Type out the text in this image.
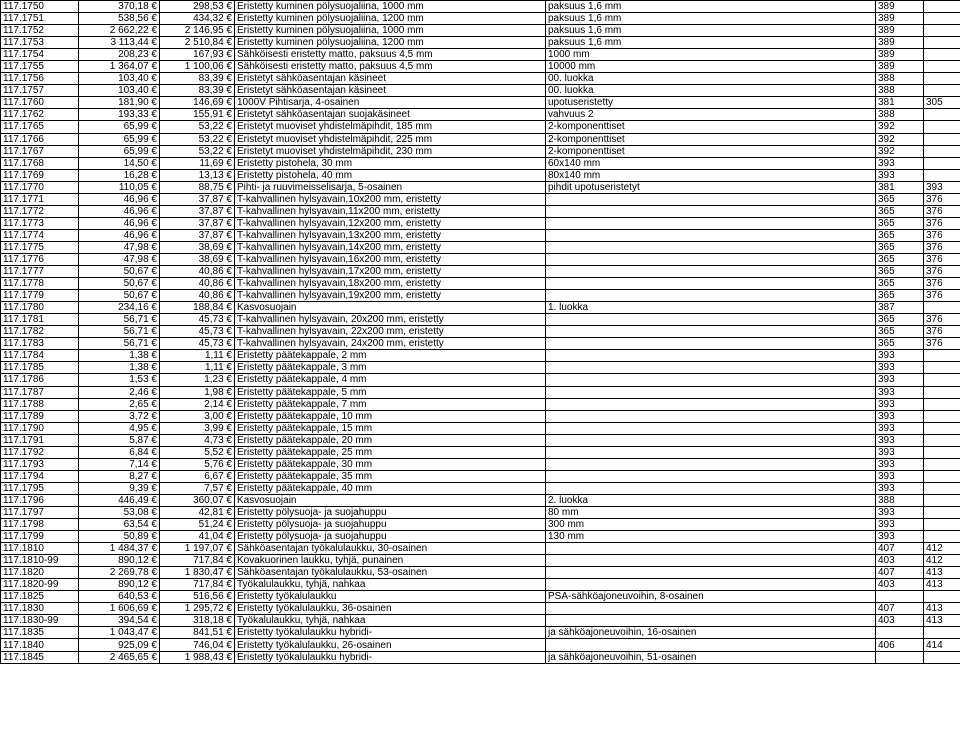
117.1750	370,18 €	298,53 €	Eristetty kuminen pölysuojaliina, 1000 mm	paksuus 1,6 mm	389	
117.1751	538,56 €	434,32 €	Eristetty kuminen pölysuojaliina, 1200 mm	paksuus 1,6 mm	389	
117.1752	2 662,22 €	2 146,95 €	Eristetty kuminen pölysuojaliina, 1000 mm	paksuus 1,6 mm	389	
117.1753	3 113,44 €	2 510,84 €	Eristetty kuminen pölysuojaliina, 1200 mm	paksuus 1,6 mm	389	
117.1754	208,23 €	167,93 €	Sähköisesti eristetty matto, paksuus 4,5 mm	1000 mm	389	
117.1755	1 364,07 €	1 100,06 €	Sähköisesti eristetty matto, paksuus 4,5 mm	10000 mm	389	
117.1756	103,40 €	83,39 €	Eristetyt sähköasentajan käsineet	00. luokka	388	
117.1757	103,40 €	83,39 €	Eristetyt sähköasentajan käsineet	00. luokka	388	
117.1760	181,90 €	146,69 €	1000V Pihtisarja, 4-osainen	upotuseristetty	381	305
117.1762	193,33 €	155,91 €	Eristetyt sähköasentajan suojakäsineet	vahvuus 2	388	
117.1765	65,99 €	53,22 €	Eristetyt muoviset yhdistelmäpihdit, 185 mm	2-komponenttiset	392	
117.1766	65,99 €	53,22 €	Eristetyt muoviset yhdistelmäpihdit, 225 mm	2-komponenttiset	392	
117.1767	65,99 €	53,22 €	Eristetyt muoviset yhdistelmäpihdit, 230 mm	2-komponenttiset	392	
117.1768	14,50 €	11,69 €	Eristetty pistohela, 30 mm	60x140 mm	393	
117.1769	16,28 €	13,13 €	Eristetty pistohela, 40 mm	80x140 mm	393	
117.1770	110,05 €	88,75 €	Pihti- ja ruuvimeisselisarja, 5-osainen	pihdit upotuseristetyt	381	393
117.1771	46,96 €	37,87 €	T-kahvallinen hylsyavain,10x200 mm, eristetty		365	376
117.1772	46,96 €	37,87 €	T-kahvallinen hylsyavain,11x200 mm, eristetty		365	376
117.1773	46,96 €	37,87 €	T-kahvallinen hylsyavain,12x200 mm, eristetty		365	376
117.1774	46,96 €	37,87 €	T-kahvallinen hylsyavain,13x200 mm, eristetty		365	376
117.1775	47,98 €	38,69 €	T-kahvallinen hylsyavain,14x200 mm, eristetty		365	376
117.1776	47,98 €	38,69 €	T-kahvallinen hylsyavain,16x200 mm, eristetty		365	376
117.1777	50,67 €	40,86 €	T-kahvallinen hylsyavain,17x200 mm, eristetty		365	376
117.1778	50,67 €	40,86 €	T-kahvallinen hylsyavain,18x200 mm, eristetty		365	376
117.1779	50,67 €	40,86 €	T-kahvallinen hylsyavain,19x200 mm, eristetty		365	376
117.1780	234,16 €	188,84 €	Kasvosuojain	1. luokka	387	
117.1781	56,71 €	45,73 €	T-kahvallinen hylsyavain, 20x200 mm, eristetty		365	376
117.1782	56,71 €	45,73 €	T-kahvallinen hylsyavain, 22x200 mm, eristetty		365	376
117.1783	56,71 €	45,73 €	T-kahvallinen hylsyavain, 24x200 mm, eristetty		365	376
117.1784	1,38 €	1,11 €	Eristetty päätekappale, 2 mm		393	
117.1785	1,38 €	1,11 €	Eristetty päätekappale, 3 mm		393	
117.1786	1,53 €	1,23 €	Eristetty päätekappale, 4 mm		393	
117.1787	2,46 €	1,98 €	Eristetty päätekappale, 5 mm		393	
117.1788	2,65 €	2,14 €	Eristetty päätekappale, 7 mm		393	
117.1789	3,72 €	3,00 €	Eristetty päätekappale, 10 mm		393	
117.1790	4,95 €	3,99 €	Eristetty päätekappale, 15 mm		393	
117.1791	5,87 €	4,73 €	Eristetty päätekappale, 20 mm		393	
117.1792	6,84 €	5,52 €	Eristetty päätekappale, 25 mm		393	
117.1793	7,14 €	5,76 €	Eristetty päätekappale, 30 mm		393	
117.1794	8,27 €	6,67 €	Eristetty päätekappale, 35 mm		393	
117.1795	9,39 €	7,57 €	Eristetty päätekappale, 40 mm		393	
117.1796	446,49 €	360,07 €	Kasvosuojain	2. luokka	388	
117.1797	53,08 €	42,81 €	Eristetty pölysuoja- ja suojahuppu	80 mm	393	
117.1798	63,54 €	51,24 €	Eristetty pölysuoja- ja suojahuppu	300 mm	393	
117.1799	50,89 €	41,04 €	Eristetty pölysuoja- ja suojahuppu	130 mm	393	
117.1810	1 484,37 €	1 197,07 €	Sähköasentajan työkalulaukku, 30-osainen		407	412
117.1810-99	890,12 €	717,84 €	Kovakuorinen laukku, tyhjä, punainen		403	412
117.1820	2 269,78 €	1 830,47 €	Sähköasentajan työkalulaukku, 53-osainen		407	413
117.1820-99	890,12 €	717,84 €	Työkalulaukku, tyhjä, nahkaa		403	413
117.1825	640,53 €	516,56 €	Eristetty työkalulaukku	PSA-sähköajoneuvoihin, 8-osainen		
117.1830	1 606,69 €	1 295,72 €	Eristetty työkalulaukku, 36-osainen		407	413
117.1830-99	394,54 €	318,18 €	Työkalulaukku, tyhjä, nahkaa		403	413
117.1835	1 043,47 €	841,51 €	Eristetty työkalulaukku hybridi-	ja sähköajoneuvoihin, 16-osainen		
117.1840	925,09 €	746,04 €	Eristetty työkalulaukku, 26-osainen		406	414
117.1845	2 465,65 €	1 988,43 €	Eristetty työkalulaukku hybridi-	ja sähköajoneuvoihin, 51-osainen		
